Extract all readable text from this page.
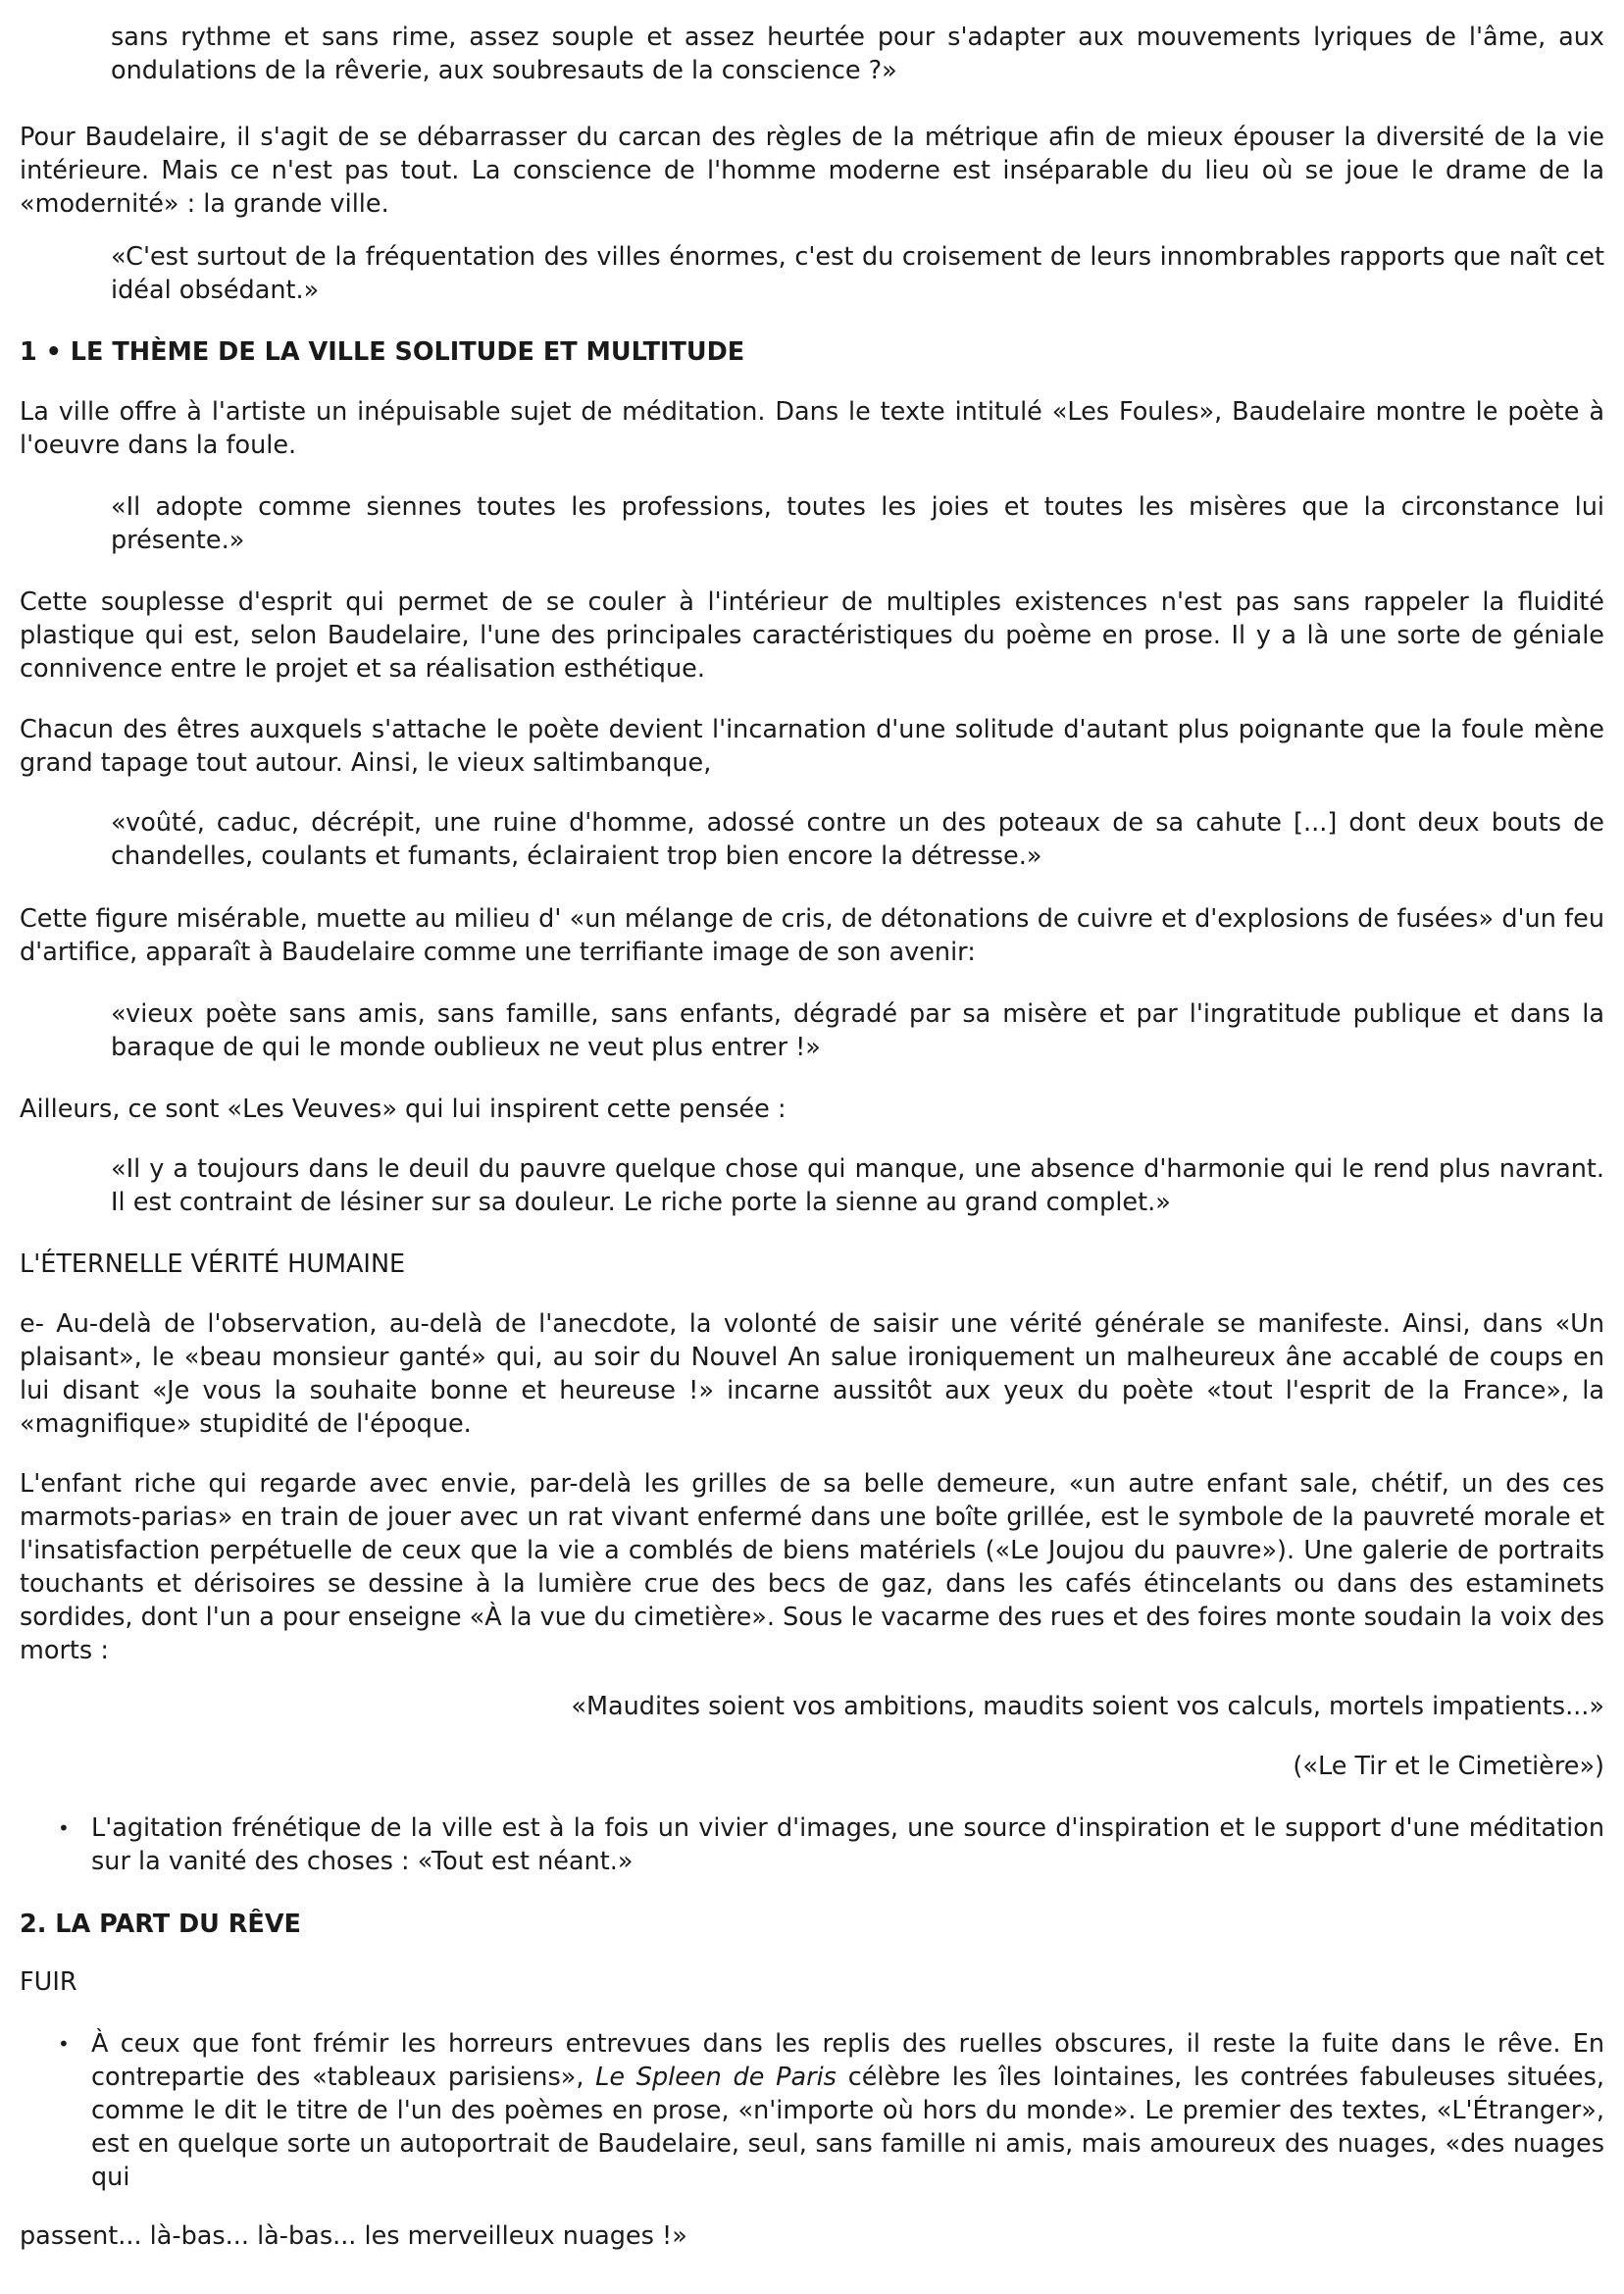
sans rythme et sans rime, assez souple et assez heurtée pour s'adapter aux mouvements lyriques de l'âme, aux ondulations de la rêverie, aux soubresauts de la conscience ?»

Pour Baudelaire, il s'agit de se débarrasser du carcan des règles de la métrique afin de mieux épouser la diversité de la vie intérieure. Mais ce n'est pas tout. La conscience de l'homme moderne est inséparable du lieu où se joue le drame de la «modernité» : la grande ville.

«C'est surtout de la fréquentation des villes énormes, c'est du croisement de leurs innombrables rapports que naît cet idéal obsédant.»

1 • LE THÈME DE LA VILLE SOLITUDE ET MULTITUDE

La ville offre à l'artiste un inépuisable sujet de méditation. Dans le texte intitulé «Les Foules», Baudelaire montre le poète à l'oeuvre dans la foule.

«Il adopte comme siennes toutes les professions, toutes les joies et toutes les misères que la circonstance lui présente.»

Cette souplesse d'esprit qui permet de se couler à l'intérieur de multiples existences n'est pas sans rappeler la fluidité plastique qui est, selon Baudelaire, l'une des principales caractéristiques du poème en prose. Il y a là une sorte de géniale connivence entre le projet et sa réalisation esthétique.

Chacun des êtres auxquels s'attache le poète devient l'incarnation d'une solitude d'autant plus poignante que la foule mène grand tapage tout autour. Ainsi, le vieux saltimbanque,

«voûté, caduc, décrépit, une ruine d'homme, adossé contre un des poteaux de sa cahute [...] dont deux bouts de chandelles, coulants et fumants, éclairaient trop bien encore la détresse.»

Cette figure misérable, muette au milieu d' «un mélange de cris, de détonations de cuivre et d'explosions de fusées» d'un feu d'artifice, apparaît à Baudelaire comme une terrifiante image de son avenir:

«vieux poète sans amis, sans famille, sans enfants, dégradé par sa misère et par l'ingratitude publique et dans la baraque de qui le monde oublieux ne veut plus entrer !»

Ailleurs, ce sont «Les Veuves» qui lui inspirent cette pensée :

«Il y a toujours dans le deuil du pauvre quelque chose qui manque, une absence d'harmonie qui le rend plus navrant. Il est contraint de lésiner sur sa douleur. Le riche porte la sienne au grand complet.»

L'ÉTERNELLE VÉRITÉ HUMAINE

e- Au-delà de l'observation, au-delà de l'anecdote, la volonté de saisir une vérité générale se manifeste. Ainsi, dans «Un plaisant», le «beau monsieur ganté» qui, au soir du Nouvel An salue ironiquement un malheureux âne accablé de coups en lui disant «Je vous la souhaite bonne et heureuse !» incarne aussitôt aux yeux du poète «tout l'esprit de la France», la «magnifique» stupidité de l'époque.

L'enfant riche qui regarde avec envie, par-delà les grilles de sa belle demeure, «un autre enfant sale, chétif, un des ces marmots-parias» en train de jouer avec un rat vivant enfermé dans une boîte grillée, est le symbole de la pauvreté morale et l'insatisfaction perpétuelle de ceux que la vie a comblés de biens matériels («Le Joujou du pauvre»). Une galerie de portraits touchants et dérisoires se dessine à la lumière crue des becs de gaz, dans les cafés étincelants ou dans des estaminets sordides, dont l'un a pour enseigne «À la vue du cimetière». Sous le vacarme des rues et des foires monte soudain la voix des morts :

«Maudites soient vos ambitions, maudits soient vos calculs, mortels impatients...»

(«Le Tir et le Cimetière»)

• L'agitation frénétique de la ville est à la fois un vivier d'images, une source d'inspiration et le support d'une méditation sur la vanité des choses : «Tout est néant.»
2. LA PART DU RÊVE

FUIR

• À ceux que font frémir les horreurs entrevues dans les replis des ruelles obscures, il reste la fuite dans le rêve. En contrepartie des «tableaux parisiens», Le Spleen de Paris célèbre les îles lointaines, les contrées fabuleuses situées, comme le dit le titre de l'un des poèmes en prose, «n'importe où hors du monde». Le premier des textes, «L'Étranger», est en quelque sorte un autoportrait de Baudelaire, seul, sans famille ni amis, mais amoureux des nuages, «des nuages qui

passent... là-bas... là-bas... les merveilleux nuages !»
